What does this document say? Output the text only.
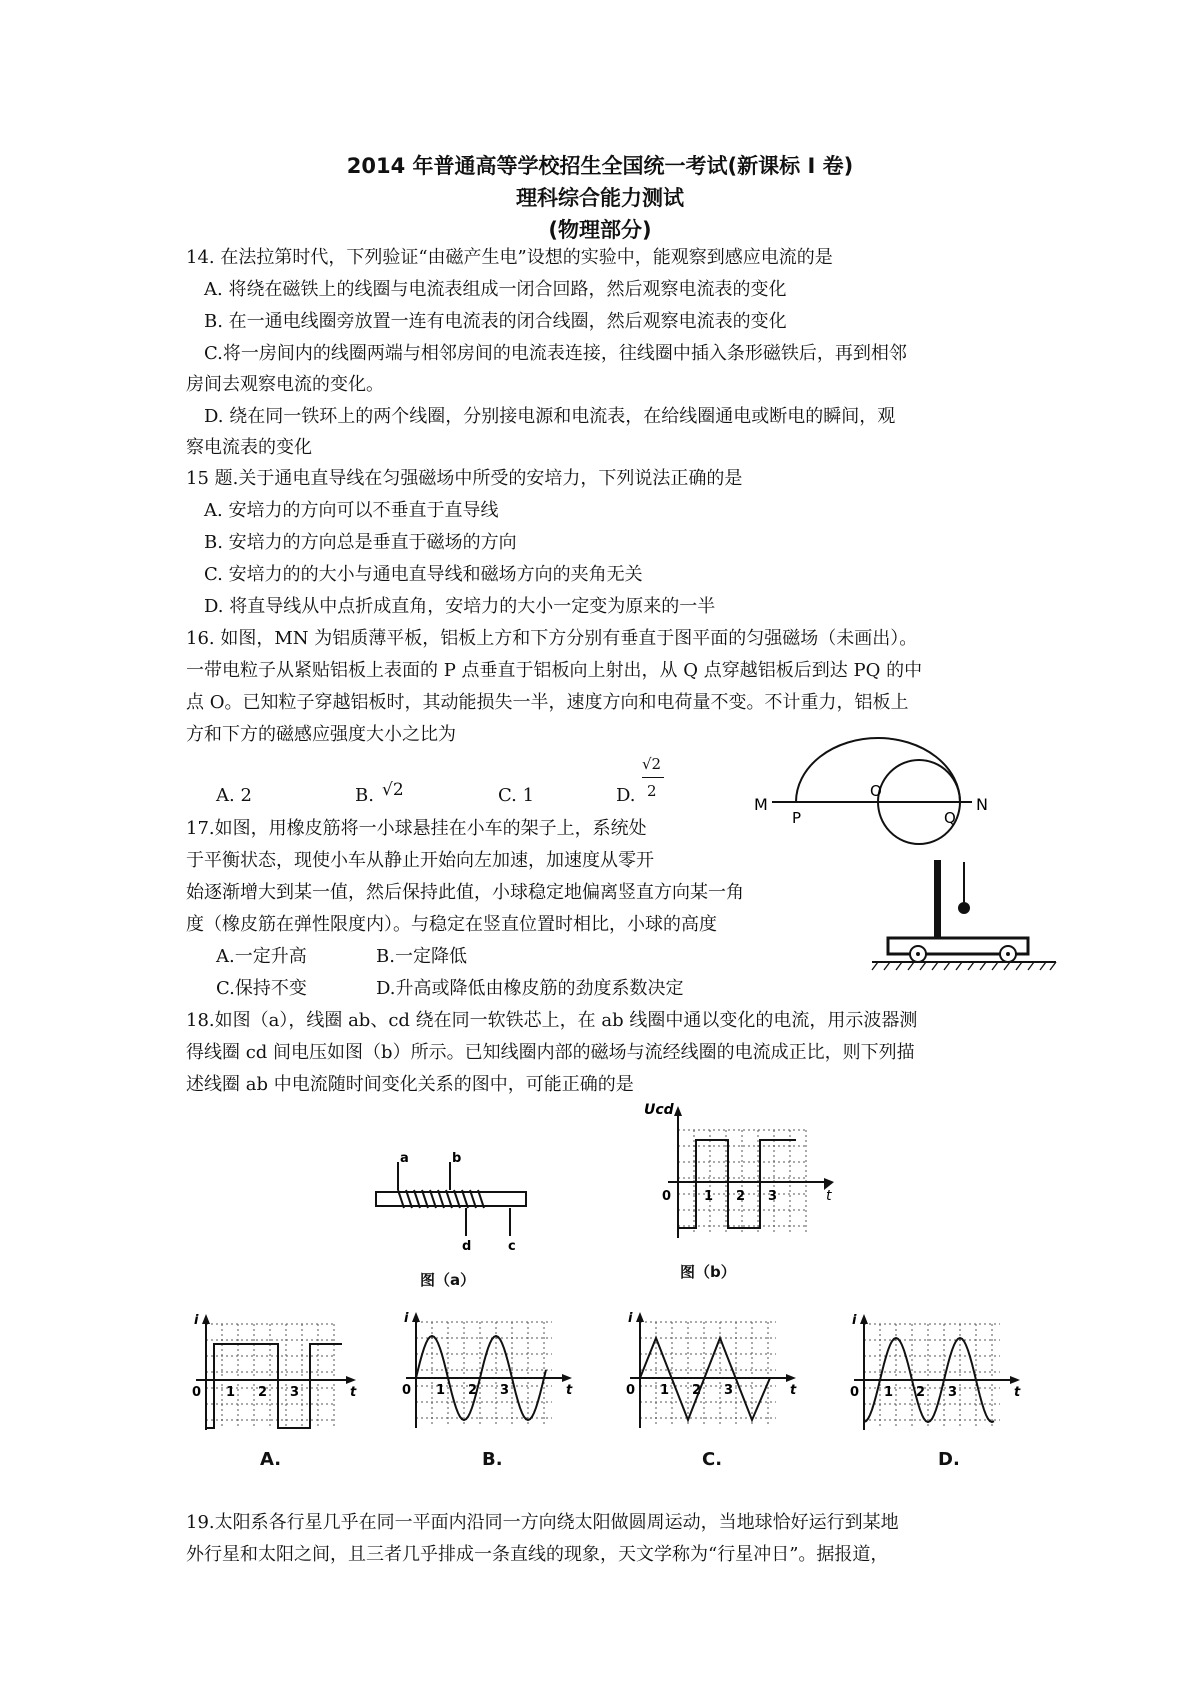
2014 年普通高等学校招生全国统一考试(新课标 I 卷)
理科综合能力测试
(物理部分)
14. 在法拉第时代，下列验证“由磁产生电”设想的实验中，能观察到感应电流的是
A. 将绕在磁铁上的线圈与电流表组成一闭合回路，然后观察电流表的变化
B. 在一通电线圈旁放置一连有电流表的闭合线圈，然后观察电流表的变化
C.将一房间内的线圈两端与相邻房间的电流表连接，往线圈中插入条形磁铁后，再到相邻
房间去观察电流的变化。
D. 绕在同一铁环上的两个线圈，分别接电源和电流表，在给线圈通电或断电的瞬间，观
察电流表的变化
15 题.关于通电直导线在匀强磁场中所受的安培力，下列说法正确的是
A. 安培力的方向可以不垂直于直导线
B. 安培力的方向总是垂直于磁场的方向
C. 安培力的的大小与通电直导线和磁场方向的夹角无关
D. 将直导线从中点折成直角，安培力的大小一定变为原来的一半
16. 如图，MN 为铝质薄平板，铝板上方和下方分别有垂直于图平面的匀强磁场（未画出）。
一带电粒子从紧贴铝板上表面的 P 点垂直于铝板向上射出，从 Q 点穿越铝板后到达 PQ 的中
点 O。已知粒子穿越铝板时，其动能损失一半，速度方向和电荷量不变。不计重力，铝板上
方和下方的磁感应强度大小之比为
A. 2	B. √2	C. 1	D.
√2
2
M
P
O
Q
N
17.如图，用橡皮筋将一小球悬挂在小车的架子上，系统处
于平衡状态，现使小车从静止开始向左加速，加速度从零开
始逐渐增大到某一值，然后保持此值，小球稳定地偏离竖直方向某一角
度（橡皮筋在弹性限度内）。与稳定在竖直位置时相比，小球的高度
A.一定升高	B.一定降低
C.保持不变	D.升高或降低由橡皮筋的劲度系数决定
18.如图（a），线圈 ab、cd 绕在同一软铁芯上，在 ab 线圈中通以变化的电流，用示波器测
得线圈 cd 间电压如图（b）所示。已知线圈内部的磁场与流经线圈的电流成正比，则下列描
述线圈 ab 中电流随时间变化关系的图中，可能正确的是
a	b
d	c
图（a）
Ucd
t
0	1 2 3
图（b）
i
t
0 1 2 3
i
t
0 1 2 3
i
t
0 1 2 3
i
t
0 1 2 3
A.	B.	C.	D.
19.太阳系各行星几乎在同一平面内沿同一方向绕太阳做圆周运动，当地球恰好运行到某地
外行星和太阳之间，且三者几乎排成一条直线的现象，天文学称为“行星冲日”。据报道，
